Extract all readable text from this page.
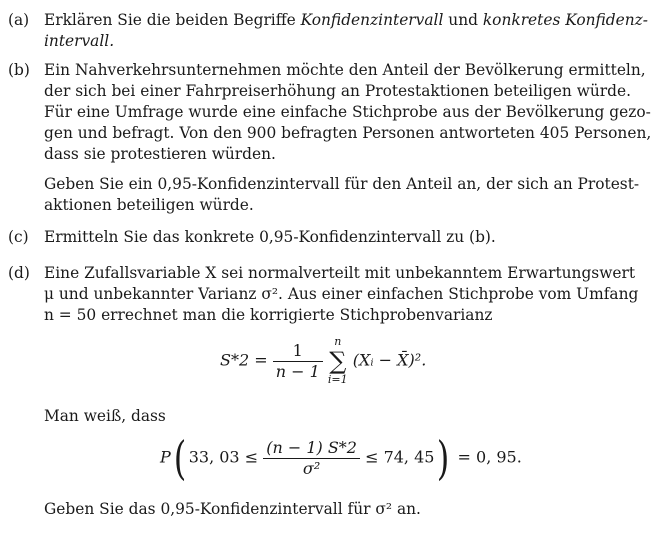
(a) Erklären Sie die beiden Begriffe Konfidenzintervall und konkretes Konfidenz-
intervall.
(b) Ein Nahverkehrsunternehmen möchte den Anteil der Bevölkerung ermitteln,
der sich bei einer Fahrpreiserhöhung an Protestaktionen beteiligen würde.
Für eine Umfrage wurde eine einfache Stichprobe aus der Bevölkerung gezo-
gen und befragt. Von den 900 befragten Personen antworteten 405 Personen,
dass sie protestieren würden.
Geben Sie ein 0,95-Konfidenzintervall für den Anteil an, der sich an Protest-
aktionen beteiligen würde.
(c) Ermitteln Sie das konkrete 0,95-Konfidenzintervall zu (b).
(d) Eine Zufallsvariable X sei normalverteilt mit unbekanntem Erwartungswert
μ und unbekannter Varianz σ². Aus einer einfachen Stichprobe vom Umfang
n = 50 errechnet man die korrigierte Stichprobenvarianz
$S*2 = \frac{1}{n - 1}$
	n
∑
i=1
(Xᵢ − X̄)².
Man weiß, dass
P( 33, $03 \le \frac{(n - 1) S*2}{\text{σ²}} \le 74$, 45) = 0, 95.
Geben Sie das 0,95-Konfidenzintervall für σ² an.
